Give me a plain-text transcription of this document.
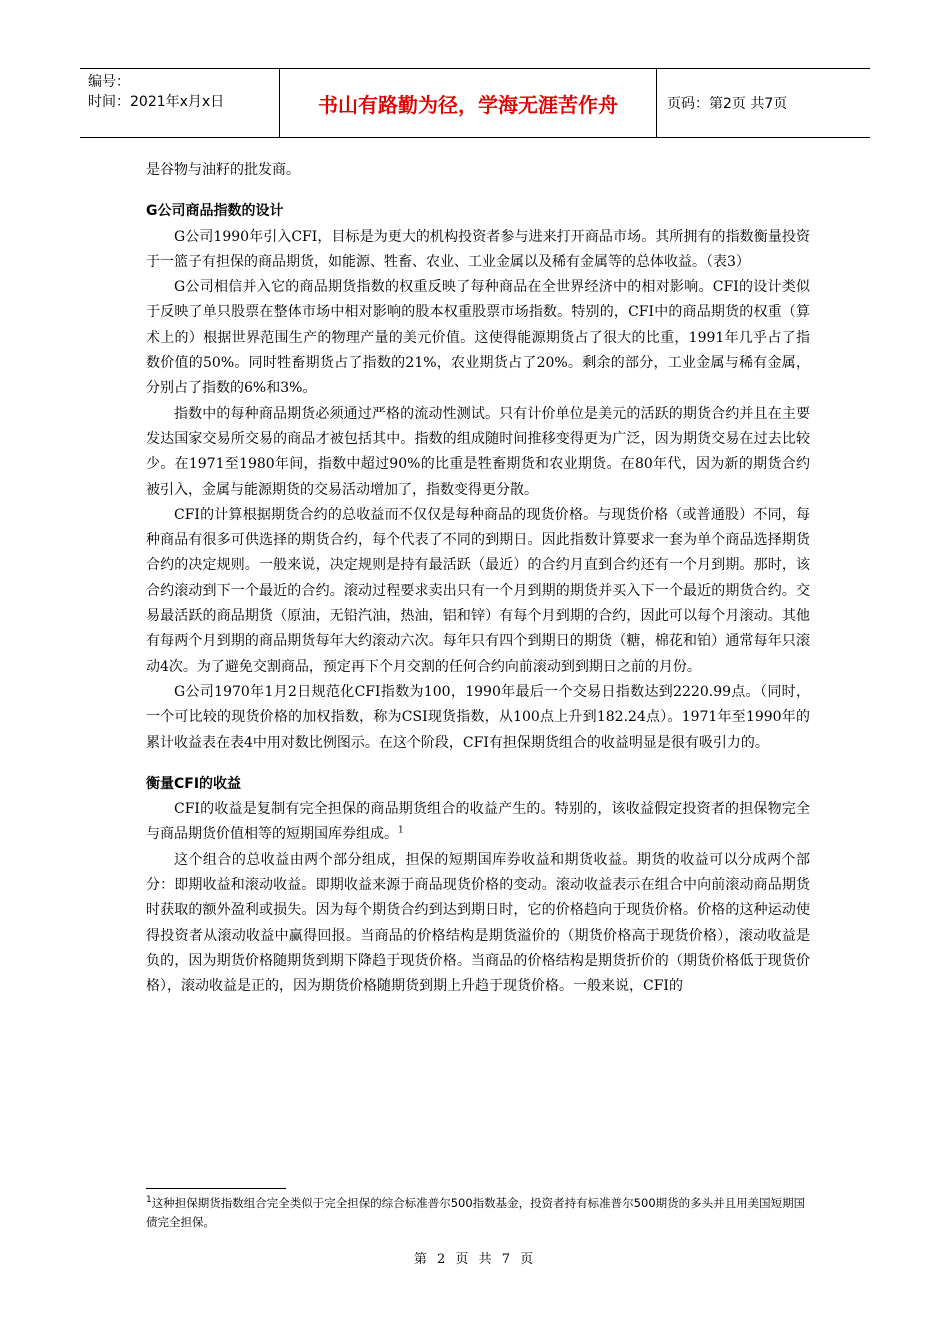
编号：
时间：2021年x月x日	书山有路勤为径，学海无涯苦作舟	页码：第2页 共7页

是谷物与油籽的批发商。

G公司商品指数的设计

G公司1990年引入CFI，目标是为更大的机构投资者参与进来打开商品市场。其所拥有的指数衡量投资于一篮子有担保的商品期货，如能源、牲畜、农业、工业金属以及稀有金属等的总体收益。（表3）

G公司相信并入它的商品期货指数的权重反映了每种商品在全世界经济中的相对影响。CFI的设计类似于反映了单只股票在整体市场中相对影响的股本权重股票市场指数。特别的，CFI中的商品期货的权重（算术上的）根据世界范围生产的物理产量的美元价值。这使得能源期货占了很大的比重，1991年几乎占了指数价值的50%。同时牲畜期货占了指数的21%，农业期货占了20%。剩余的部分，工业金属与稀有金属，分别占了指数的6%和3%。

指数中的每种商品期货必须通过严格的流动性测试。只有计价单位是美元的活跃的期货合约并且在主要发达国家交易所交易的商品才被包括其中。指数的组成随时间推移变得更为广泛，因为期货交易在过去比较少。在1971至1980年间，指数中超过90%的比重是牲畜期货和农业期货。在80年代，因为新的期货合约被引入，金属与能源期货的交易活动增加了，指数变得更分散。

CFI的计算根据期货合约的总收益而不仅仅是每种商品的现货价格。与现货价格（或普通股）不同，每种商品有很多可供选择的期货合约，每个代表了不同的到期日。因此指数计算要求一套为单个商品选择期货合约的决定规则。一般来说，决定规则是持有最活跃（最近）的合约月直到合约还有一个月到期。那时，该合约滚动到下一个最近的合约。滚动过程要求卖出只有一个月到期的期货并买入下一个最近的期货合约。交易最活跃的商品期货（原油，无铅汽油，热油，铝和锌）有每个月到期的合约，因此可以每个月滚动。其他有每两个月到期的商品期货每年大约滚动六次。每年只有四个到期日的期货（糖，棉花和铂）通常每年只滚动4次。为了避免交割商品，预定再下个月交割的任何合约向前滚动到到期日之前的月份。

G公司1970年1月2日规范化CFI指数为100，1990年最后一个交易日指数达到2220.99点。（同时，一个可比较的现货价格的加权指数，称为CSI现货指数，从100点上升到182.24点）。1971年至1990年的累计收益表在表4中用对数比例图示。在这个阶段，CFI有担保期货组合的收益明显是很有吸引力的。

衡量CFI的收益

CFI的收益是复制有完全担保的商品期货组合的收益产生的。特别的，该收益假定投资者的担保物完全与商品期货价值相等的短期国库券组成。$^1$

这个组合的总收益由两个部分组成，担保的短期国库券收益和期货收益。期货的收益可以分成两个部分：即期收益和滚动收益。即期收益来源于商品现货价格的变动。滚动收益表示在组合中向前滚动商品期货时获取的额外盈利或损失。因为每个期货合约到达到期日时，它的价格趋向于现货价格。价格的这种运动使得投资者从滚动收益中赢得回报。当商品的价格结构是期货溢价的（期货价格高于现货价格），滚动收益是负的，因为期货价格随期货到期下降趋于现货价格。当商品的价格结构是期货折价的（期货价格低于现货价格），滚动收益是正的，因为期货价格随期货到期上升趋于现货价格。一般来说，CFI的

$^1$这种担保期货指数组合完全类似于完全担保的综合标准普尔500指数基金，投资者持有标准普尔500期货的多头并且用美国短期国债完全担保。
第 2 页 共 7 页
